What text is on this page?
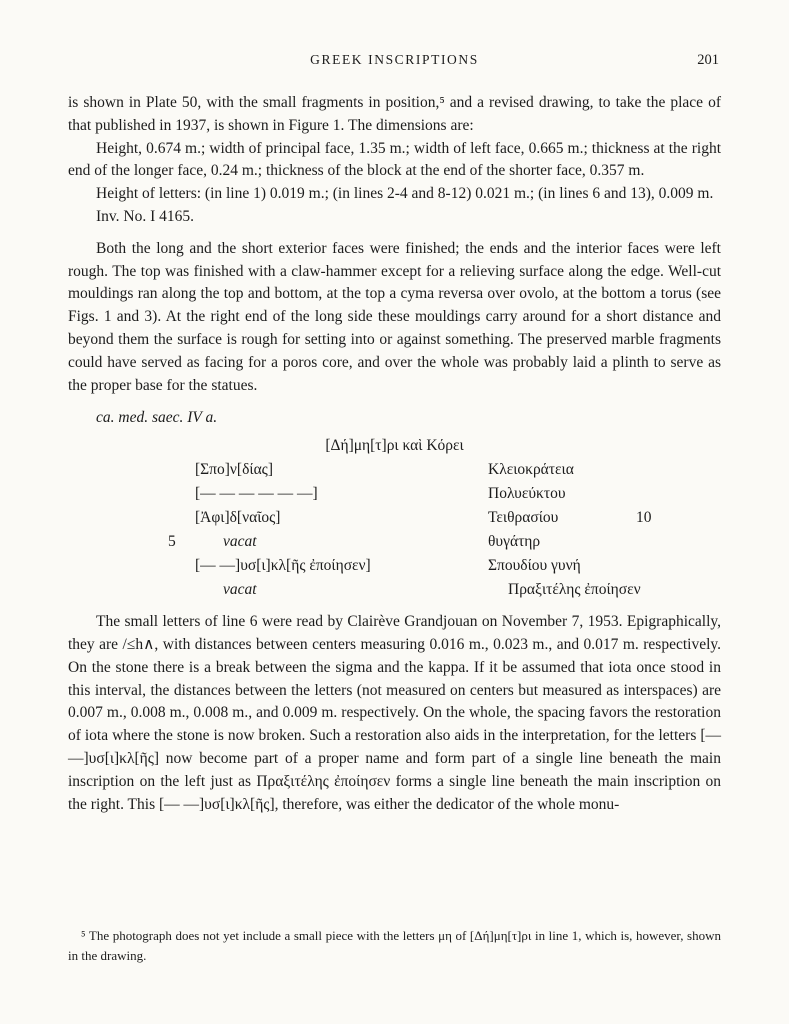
GREEK INSCRIPTIONS	201

is shown in Plate 50, with the small fragments in position,⁵ and a revised drawing, to take the place of that published in 1937, is shown in Figure 1. The dimensions are:

Height, 0.674 m.; width of principal face, 1.35 m.; width of left face, 0.665 m.; thickness at the right end of the longer face, 0.24 m.; thickness of the block at the end of the shorter face, 0.357 m.

Height of letters: (in line 1) 0.019 m.; (in lines 2-4 and 8-12) 0.021 m.; (in lines 6 and 13), 0.009 m.

Inv. No. I 4165.

Both the long and the short exterior faces were finished; the ends and the interior faces were left rough. The top was finished with a claw-hammer except for a relieving surface along the edge. Well-cut mouldings ran along the top and bottom, at the top a cyma reversa over ovolo, at the bottom a torus (see Figs. 1 and 3). At the right end of the long side these mouldings carry around for a short distance and beyond them the surface is rough for setting into or against something. The preserved marble fragments could have served as facing for a poros core, and over the whole was probably laid a plinth to serve as the proper base for the statues.

ca. med. saec. IV a.

[Δή]μη[τ]ρι καὶ Κόρει
[Σπο]ν[δίας]	Κλειοκράτεια
[— — — — — —]	Πολυεύκτου
[Ἀφι]δ[ναῖος]	Τειθρασίου	10
5	vacat	θυγάτηρ
[— —]υσ[ι]κλ[ῆς ἐποίησεν]	Σπουδίου γυνή
vacat	Πραξιτέλης ἐποίησεν

The small letters of line 6 were read by Clairève Grandjouan on November 7, 1953. Epigraphically, they are /≤h∧, with distances between centers measuring 0.016 m., 0.023 m., and 0.017 m. respectively. On the stone there is a break between the sigma and the kappa. If it be assumed that iota once stood in this interval, the distances between the letters (not measured on centers but measured as interspaces) are 0.007 m., 0.008 m., 0.008 m., and 0.009 m. respectively. On the whole, the spacing favors the restoration of iota where the stone is now broken. Such a restoration also aids in the interpretation, for the letters [— —]υσ[ι]κλ[ῆς] now become part of a proper name and form part of a single line beneath the main inscription on the left just as Πραξιτέλης ἐποίησεν forms a single line beneath the main inscription on the right. This [— —]υσ[ι]κλ[ῆς], therefore, was either the dedicator of the whole monu-

⁵ The photograph does not yet include a small piece with the letters μη of [Δή]μη[τ]ρι in line 1, which is, however, shown in the drawing.
